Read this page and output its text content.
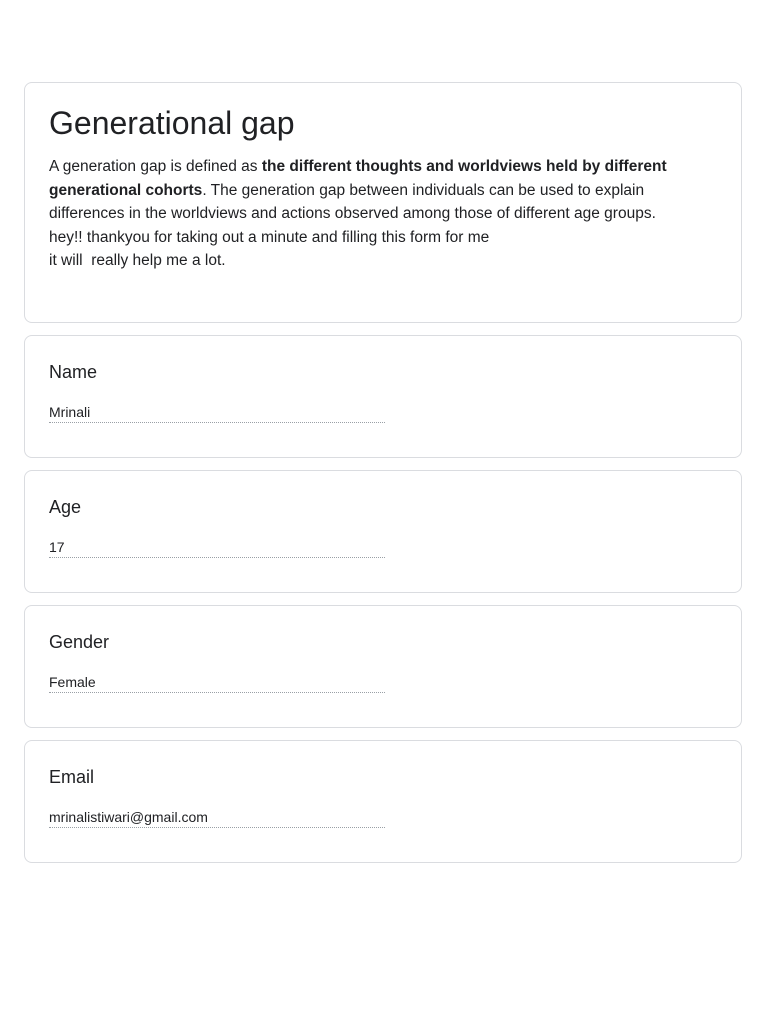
Generational gap
A generation gap is defined as the different thoughts and worldviews held by different
generational cohorts. The generation gap between individuals can be used to explain
differences in the worldviews and actions observed among those of different age groups.
hey!! thankyou for taking out a minute and filling this form for me
it will  really help me a lot.
Name
Mrinali
Age
17
Gender
Female
Email
mrinalistiwari@gmail.com
